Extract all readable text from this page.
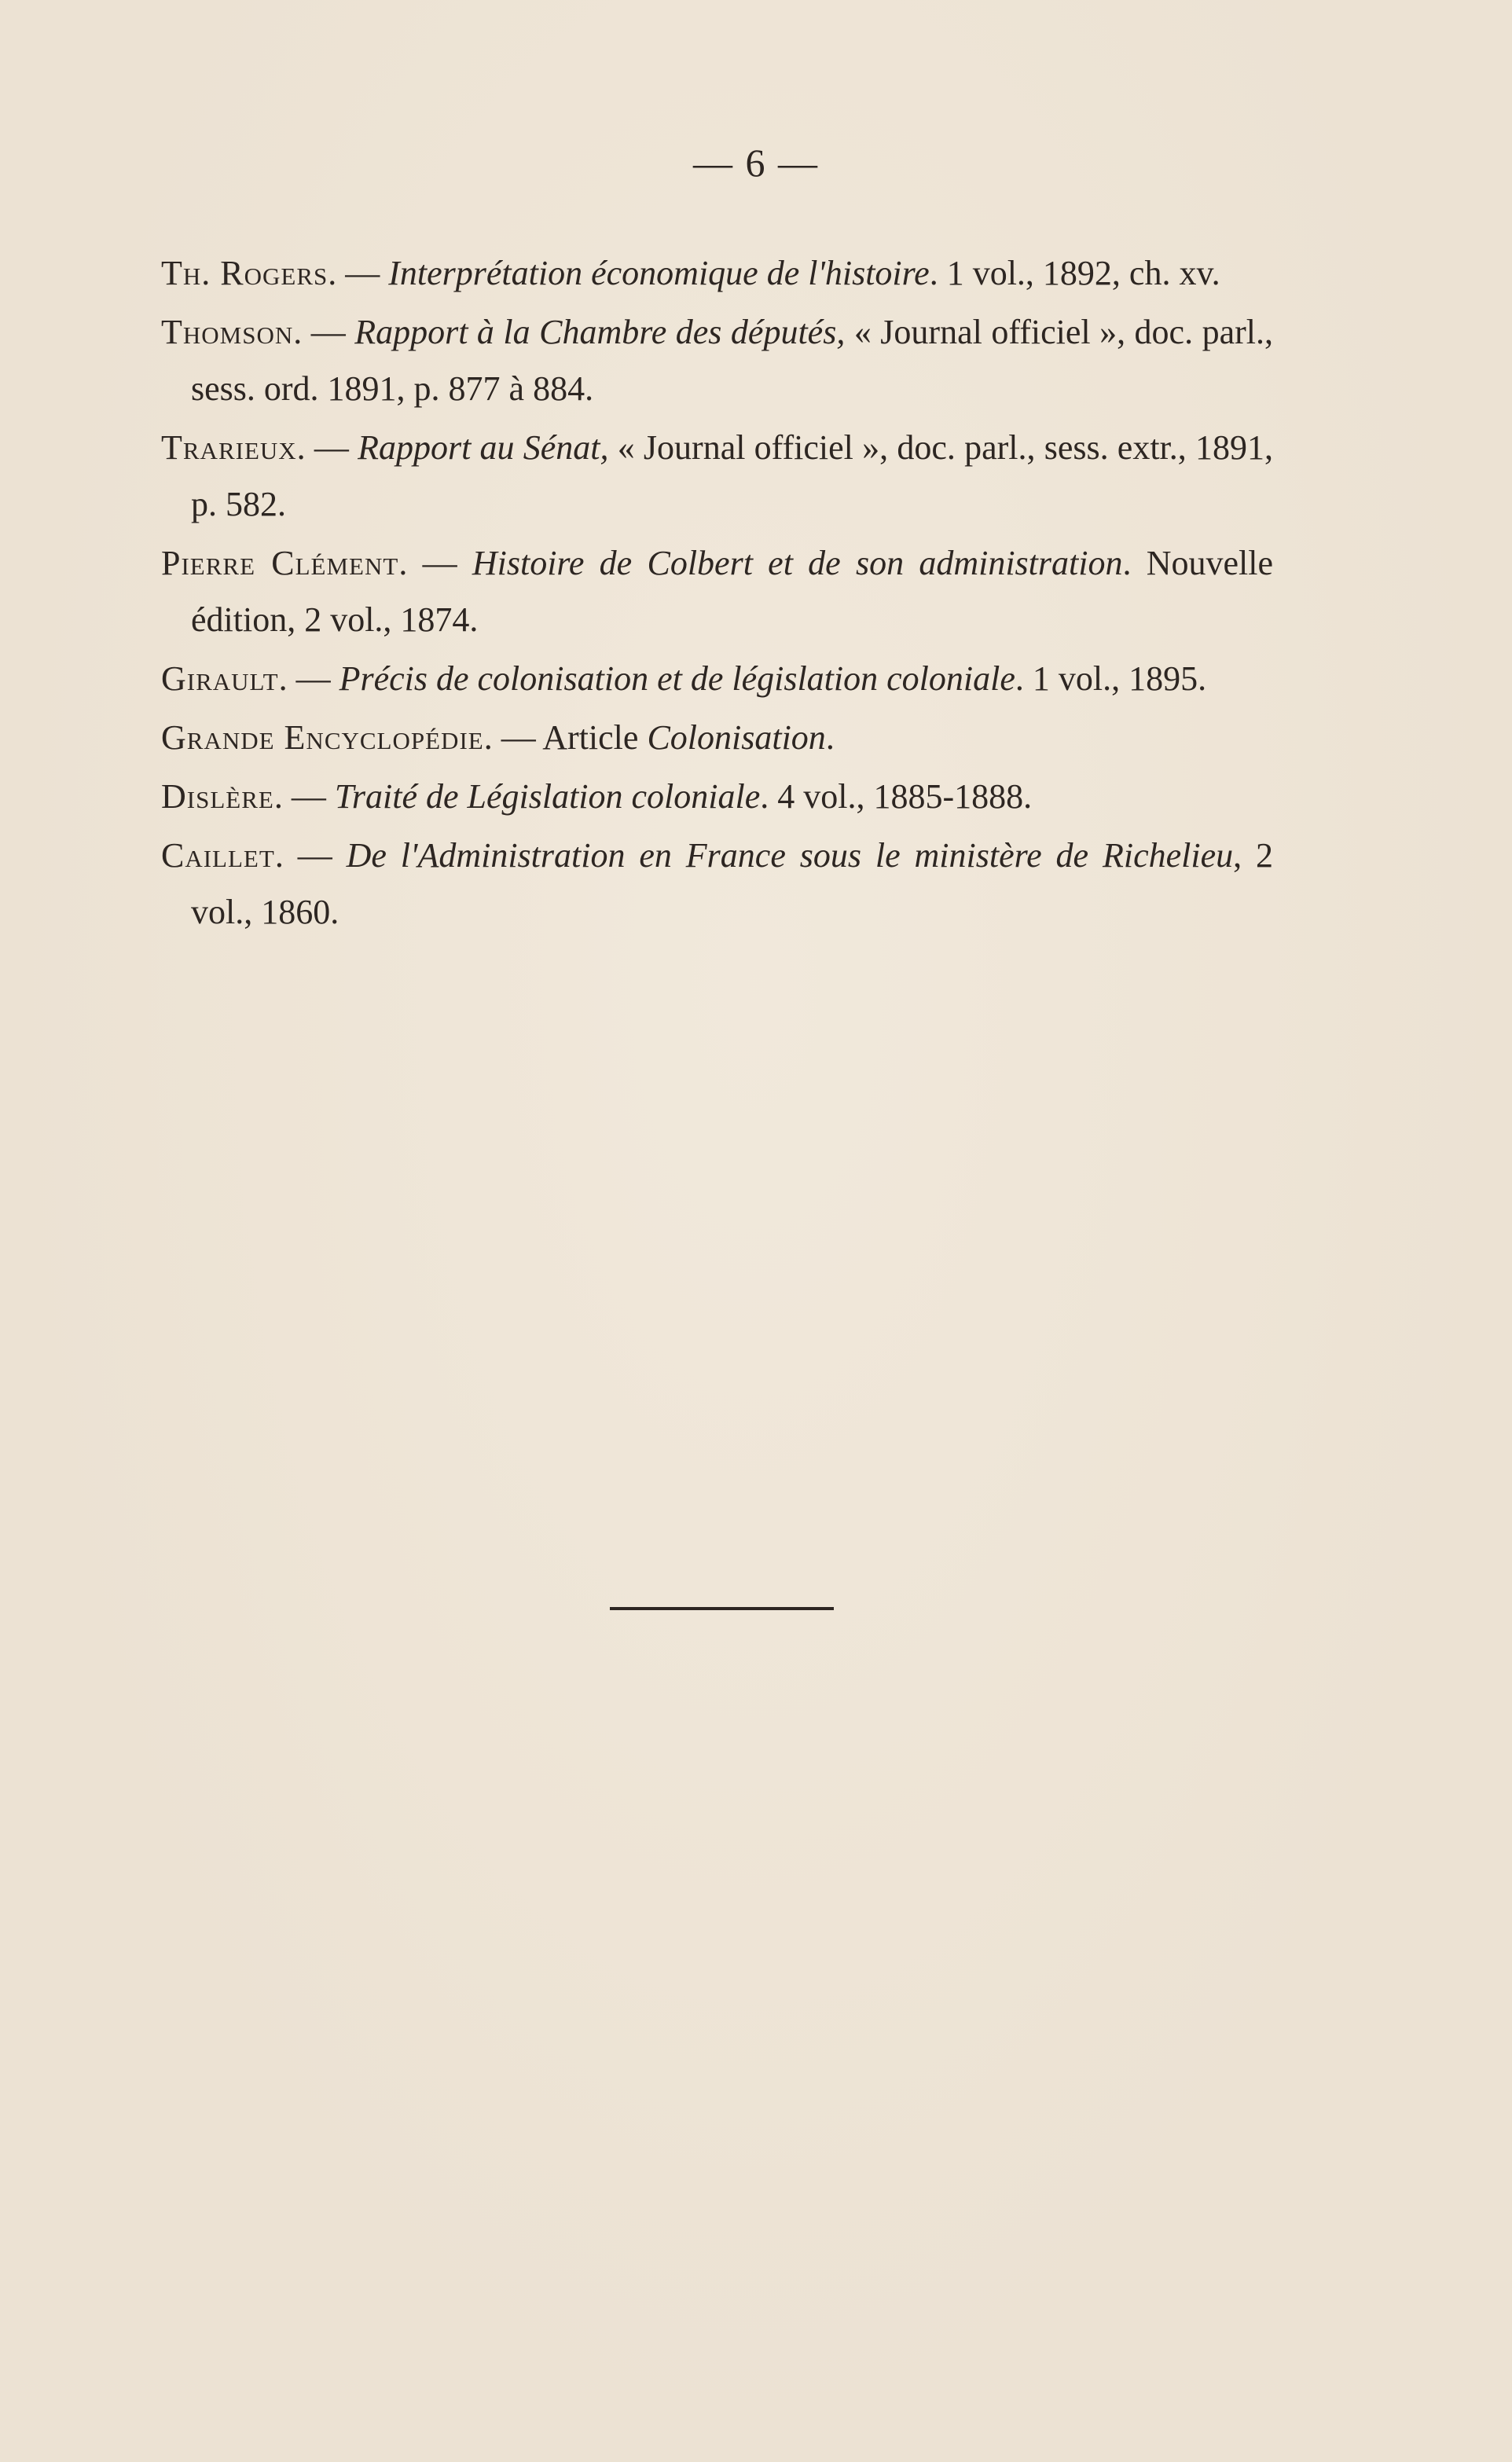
— 6 —
Th. Rogers. — Interprétation économique de l'histoire. 1 vol., 1892, ch. xv.
Thomson. — Rapport à la Chambre des députés, « Journal officiel », doc. parl., sess. ord. 1891, p. 877 à 884.
Trarieux. — Rapport au Sénat, « Journal officiel », doc. parl., sess. extr., 1891, p. 582.
Pierre Clément. — Histoire de Colbert et de son administration. Nouvelle édition, 2 vol., 1874.
Girault. — Précis de colonisation et de législation coloniale. 1 vol., 1895.
Grande Encyclopédie. — Article Colonisation.
Dislère. — Traité de Législation coloniale. 4 vol., 1885-1888.
Caillet. — De l'Administration en France sous le ministère de Richelieu, 2 vol., 1860.
